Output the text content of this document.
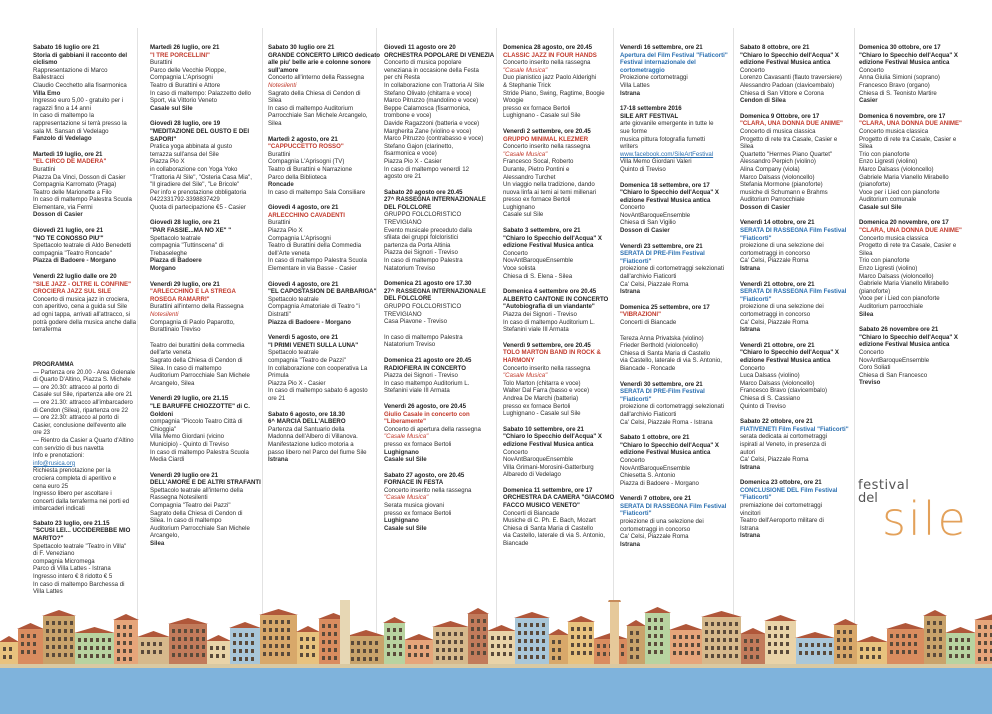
Sabato 16 luglio ore 21
Storia di gabbiani il racconto del ciclismo
Rappresentazione di Marco
Ballestracci
Claudio Cecchetto alla fisarmonica
Villa Emo
Ingresso euro 5,00 - gratuito per i
ragazzi fino a 14 anni
In caso di maltempo la
rappresentazione si terrà presso la
sala M. Sansan di Vedelago
Fanzolo di Vedelago
Martedì 19 luglio, ore 21
"EL CIRCO DE MADERA"
Burattini
Piazza Da Vinci, Dosson di Casier
Compagnia Karromato (Praga)
Teatro delle Marionette a Filo
In caso di maltempo Palestra Scuola
Elementare, via Fermi
Dosson di Casier
Giovedì 21 luglio, ore 21
"NO TE CONOSSO PIU'"
Spettacolo teatrale di Aldo Benedetti
compagnia "Teatro Roncade"
Piazza di Badoere - Morgano
Venerdì 22 luglio dalle ore 20
"SILE JAZZ - OLTRE IL CONFINE" CROCIERA JAZZ SUL SILE
Concerto di musica jazz in crociera,
con aperitivo, cena a guida sul Sile
ad ogni tappa, arrivati all'attracco, si
potrà godere della musica anche dalla
terraferma
Martedì 26 luglio, ore 21
"I TRE PORCELLINI"
Burattini
Parco delle Vecchie Pioppe,
Compagnia L'Aprisogni
Teatro di Burattini e Attore
In caso di maltempo: Palazzetto dello
Sport, via Vittorio Veneto
Casale sul Sile
Giovedì 28 luglio, ore 19
"MEDITAZIONE DEL GUSTO E DEI SAPORI"
Pratica yoga abbinata al gusto
terrazza sull'ansa del Sile
Piazza Pio X
in collaborazione con Yoga Yoko
"Trattoria Al Sile", "Osteria Casa Mia",
"Il giradiere del Sile", "Le Bricole"
Per info e prenotazione obbligatoria
0422331792-3398837429
Quota di partecipazione €5 - Casier
Giovedì 28 luglio, ore 21
"PAR FASSIE...MA NO XE" "
Spettacolo teatrale
compagnia "Tuttinscena" di
Trebaseleghe
Piazza di Badoere
Morgano
Venerdì 29 luglio, ore 21
"ARLECCHINO E LA STREGA ROSEGA RAMARRI"
Burattini all'interno della Rassegna
Notesilenti
Compagnia di Paolo Paparotto,
Burattinaio Treviso
Teatro dei burattini della commedia
dell'arte veneta
Sagrato della Chiesa di Cendon di
Silea. In caso di maltempo
Auditorium Parrocchiale San Michele
Arcangelo, Silea
Venerdì 29 luglio, ore 21.15
"LE BARUFFE CHIOZZOTTE" di C. Goldoni
compagnia "Piccolo Teatro Città di
Chioggia"
Villa Memo Giordani (vicino
Municipio) - Quinto di Treviso
In caso di maltempo Palestra Scuola
Media Ciardi
Venerdì 29 luglio ore 21
DELL'AMORE E DE ALTRI STRAFANTI
Spettacolo teatrale all'interno della
Rassegna Notesilenti
Compagnia "Teatro dei Pazzi"
Sagrato della Chiesa di Cendon di
Silea. In caso di maltempo
Auditorium Parrocchiale San Michele
Arcangelo,
Silea
Sabato 30 luglio ore 21
GRANDE CONCERTO LIRICO dedicato alle piu' belle arie e colonne sonore sull'amore
Concerto all'interno della Rassegna
Notesilenti
Sagrato della Chiesa di Cendon di
Silea
In caso di maltempo Auditorium
Parrocchiale San Michele Arcangelo,
Silea
Martedì 2 agosto, ore 21
"CAPPUCCETTO ROSSO"
Burattini
Compagnia L'Aprisogni (TV)
Teatro di Burattini e Narrazione
Parco della Biblioteca
Roncade
In caso di maltempo Sala Consiliare
Giovedì 4 agosto, ore 21
ARLECCHINO CAVADENTI
Burattini
Piazza Pio X
Compagnia L'Aprisogni
Teatro di Burattini della Commedia
dell'Arte veneta
In caso di maltempo Palestra Scuola
Elementare in via Basse - Casier
Giovedì 4 agosto, ore 21
"EL CAPOSTASION DE BARBARIGA"
Spettacolo teatrale
Compagnia Amatoriale di Teatro "i
Distratti"
Piazza di Badoere - Morgano
Venerdì 5 agosto, ore 21
"I PRIMI VENETI SULLA LUNA"
Spettacolo teatrale
compagnia "Teatro de Pazzi"
In collaborazione con cooperativa La
Primula
Piazza Pio X - Casier
In caso di maltempo sabato 6 agosto
ore 21
Sabato 6 agosto, ore 18.30
6^ MARCIA DELL'ALBERO
Partenza dal Santuario della
Madonna dell'Albero di Villanova.
Manifestazione ludico motoria a
passo libero nel Parco del fiume Sile
Istrana
Giovedì 11 agosto ore 20
ORCHESTRA POPOLARE DI VENEZIA
Concerto di musica popolare
veneziana in occasione della Festa
per chi Resta
In collaborazione con Trattoria Al Sile
Stefano Olivato (chitarra e voce)
Marco Pitruzzo (mandolino e voce)
Beppe Calamosca (fisarmonica,
trombone e voce)
Davide Ragazzoni (batteria e voce)
Margherita Zane (violino e voce)
Marco Pitruzzo (contrabasso e voce)
Stefano Gajon (clarinetto,
fisarmonica e voce)
Piazza Pio X - Casier
In caso di maltempo venerdì 12
agosto ore 21
Sabato 20 agosto ore 20.45
27^ RASSEGNA INTERNAZIONALE DEL FOLCLORE
GRUPPO FOLCLORISTICO
TREVIGIANO
Evento musicale preceduto dalla
sfilata dei gruppi folcloristici
partenza da Porta Altinia
Piazza dei Signori - Treviso
In caso di maltempo Palestra
Natatorium Treviso
Domenica 21 agosto ore 17.30
27^ RASSEGNA INTERNAZIONALE DEL FOLCLORE
GRUPPO FOLCLORISTICO
TREVIGIANO
Casa Piavone - Treviso
In caso di maltempo Palestra
Natatorium Treviso
Domenica 21 agosto ore 20.45
RADIOFIERA IN CONCERTO
Piazza dei Signori - Treviso
In caso maltempo Auditorium L.
Stefanini viale III Armata
Venerdì 26 agosto, ore 20.45
Giulio Casale in concerto con "Liberamente"
Concerto di apertura della rassegna
"Casale Musica"
presso ex fornace Bertoli
Lughignano
Casale sul Sile
Sabato 27 agosto, ore 20.45
FORNACE IN FESTA
Concerto inserito nella rassegna
"Casale Musica"
Serata musica giovani
presso ex fornace Bertoli
Lughignano
Casale sul Sile
Domenica 28 agosto, ore 20.45
CLASSIC JAZZ IN FOUR HANDS
Concerto inserito nella rassegna
"Casale Musica"
Duo pianistico jazz Paolo Alderighi
& Stephanie Trick
Stride Piano, Swing, Ragtime, Boogie
Woogie
presso ex fornace Bertoli
Lughignano - Casale sul Sile
Venerdì 2 settembre, ore 20.45
GRUPPO MINIMAL KLEZMER
Concerto inserito nella rassegna
"Casale Musica"
Francesco Socal, Roberto
Durante, Pietro Pontini e
Alessandro Turchet
Un viaggio nella tradizione, dando
nuova linfa ai temi ai temi millenari
presso ex fornace Bertoli
Lughignano
Casale sul Sile
Sabato 3 settembre, ore 21
"Chiaro lo Specchio dell'Acqua" X edizione Festival Musica antica
Concerto
NovAntBaroqueEnsemble
Voce solista
Chiesa di S. Elena - Silea
Domenica 4 settembre ore 20.45
ALBERTO CANTONE IN CONCERTO "Autobiografia di un viandante"
Piazza dei Signori - Treviso
In caso di maltempo Auditorium L.
Stefanini viale III Armata
Venerdì 9 settembre, ore 20.45
TOLO MARTON BAND IN ROCK & HARMONY
Concerto inserito nella rassegna
"Casale Musica"
Tolo Marton (chitarra e voce)
Walter Dal Farra (basso e voce)
Andrea De Marchi (batteria)
presso ex fornace Bertoli
Lughignano - Casale sul Sile
Sabato 10 settembre, ore 21
"Chiaro lo Specchio dell'Acqua" X edizione Festival Musica antica
Concerto
NovAntBaroqueEnsemble
Villa Grimani-Morosini-Gatterburg
Albaredo di Vedelago
Domenica 11 settembre, ore 17
ORCHESTRA DA CAMERA "GIACOMO FACCO MUSICO VENETO"
Concerti di Biancade
Musiche di C. Ph. E. Bach, Mozart
Chiesa di Santa Maria di Castello
via Castello, laterale di via S. Antonio,
Biancade
Venerdì 16 settembre, ore 21
Apertura del Film Festival "Fiaticorti" Festival internazionale del cortometraggio
Proiezione cortometraggi
Villa Lattes
Istrana
17-18 settembre 2016
SILE ART FESTIVAL
arte giovanile emergente in tutte le
sue forme
musica pittura fotografia fumetti
writers
www.facebook.com/SileArtFestival
Villa Memo Giordani Valeri
Quinto di Treviso
Domenica 18 settembre, ore 17
"Chiaro lo Specchio dell'Acqua" X edizione Festival Musica antica
Concerto
NovAntBaroqueEnsemble
Chiesa di San Vigilio
Dosson di Casier
Venerdì 23 settembre, ore 21
SERATA DI PRE-Film Festival "Fiaticorti"
proiezione di cortometraggi selezionati
dall'archivio Fiaticorti
Ca' Celsi, Piazzale Roma
Istrana
Domenica 25 settembre, ore 17
"VIBRAZIONI"
Concerti di Biancade
Tereza Anna Privatska (violino)
Frieder Berthold (violoncello)
Chiesa di Santa Maria di Castello
via Castello, laterale di via S. Antonio,
Biancade - Roncade
Venerdì 30 settembre, ore 21
SERATA DI PRE-Film Festival "Fiaticorti"
proiezione di cortometraggi selezionati
dall'archivio Fiaticorti
Ca' Celsi, Piazzale Roma - Istrana
Sabato 1 ottobre, ore 21
"Chiaro lo Specchio dell'Acqua" X edizione Festival Musica antica
Concerto
NovAntBaroqueEnsemble
Chiesetta S. Antonio
Piazza di Badoere - Morgano
Venerdì 7 ottobre, ore 21
SERATA DI RASSEGNA Film Festival "Fiaticorti"
proiezione di una selezione dei
cortometraggi in concorso
Ca' Celsi, Piazzale Roma
Istrana
Sabato 8 ottobre, ore 21
"Chiaro lo Specchio dell'Acqua" X edizione Festival Musica antica
Concerto
Lorenzo Cavasanti (flauto traversiere)
Alessandro Padoan (clavicembalo)
Chiesa di San Vittore e Corona
Cendon di Silea
Domenica 9 Ottobre, ore 17
"CLARA, UNA DONNA DUE ANIME"
Concerto di musica classica
Progetto di rete tra Casale, Casier e
Silea
Quartetto "Hermes Piano Quartet"
Alessandro Perpich (violino)
Alina Company (viola)
Marco Dalsass (violoncello)
Stefania Mormone (pianoforte)
musiche di Schumann e Brahms
Auditorium Parrocchiale
Dosson di Casier
Venerdì 14 ottobre, ore 21
SERATA DI RASSEGNA Film Festival "Fiaticorti"
proiezione di una selezione dei
cortometraggi in concorso
Ca' Celsi, Piazzale Roma
Istrana
Venerdì 21 ottobre, ore 21
SERATA DI RASSEGNA Film Festival "Fiaticorti"
proiezione di una selezione dei
cortometraggi in concorso
Ca' Celsi, Piazzale Roma
Istrana
Venerdì 21 ottobre, ore 21
"Chiaro lo Specchio dell'Acqua" X edizione Festival Musica antica
Concerto
Luca Dalsass (violino)
Marco Dalsass (violoncello)
Francesco Bravo (clavicembalo)
Chiesa di S. Cassiano
Quinto di Treviso
Sabato 22 ottobre, ore 21
FIATIVENETI Film Festival "Fiaticorti"
serata dedicata ai cortometraggi
ispirati al Veneto, in presenza di
autori
Ca' Celsi, Piazzale Roma
Istrana
Domenica 23 ottobre, ore 21
CONCLUSIONE DEL Film Festival "Fiaticorti"
premiazione dei cortometraggi
vincitori
Teatro dell'Aeroporto militare di
Istrana
Istrana
Domenica 30 ottobre, ore 17
"Chiaro lo Specchio dell'Acqua" X edizione Festival Musica antica
Concerto
Anna Giulia Simioni (soprano)
Francesco Bravo (organo)
Chiesa di S. Teonisto Martire
Casier
Domenica 6 novembre, ore 17
"CLARA, UNA DONNA DUE ANIME"
Concerto musica classica
Progetto di rete tra Casale, Casier e
Silea
Trio con pianoforte
Enzo Ligresti (violino)
Marco Dalsass (violoncello)
Gabriele Maria Vianello Mirabello
(pianoforte)
Voce per i Lied con pianoforte
Auditorium comunale
Casale sul Sile
Domenica 20 novembre, ore 17
"CLARA, UNA DONNA DUE ANIME"
Concerto musica classica
Progetto di rete tra Casale, Casier e
Silea
Trio con pianoforte
Enzo Ligresti (violino)
Marco Dalsass (violoncello)
Gabriele Maria Vianello Mirabello
(pianoforte)
Voce per i Lied con pianoforte
Auditorium parrocchiale
Silea
Sabato 26 novembre ore 21
"Chiaro lo Specchio dell'Acqua" X edizione Festival Musica antica
Concerto
NovAntBaroqueEnsemble
Coro Soliati
Chiesa di San Francesco
Treviso
PROGRAMMA
— Partenza ore 20.00 - Area Golenale
di Quarto D'Altino, Piazza S. Michele
— ore 20.30: attracco al porto di
Casale sul Sile, ripartenza alle ore 21
— ore 21.30: attracco all'imbarcadero
di Cendon (Silea), ripartenza ore 22
— ore 22.30: attracco al porto di
Casier, conclusione dell'evento alle
ore 23
— Rientro da Casier a Quarto d'Altino
con servizio di bus navetta
Info e prenotazioni:
info@rusica.org
Richiesta prenotazione per la
crociera completa di aperitivo e
cena euro 25
Ingresso libero per ascoltare i
concerti dalla terraferma nei porti ed
imbarcaderi indicati
Sabato 23 luglio, ore 21.15
"SCUSI LEI... UCCIDEREBBE MIO MARITO?"
Spettacolo teatrale "Teatro in Villa"
di F. Veneziano
compagnia Micromega
Parco di Villa Lattes - Istrana
Ingresso intero € 8 ridotto € 5
In caso di maltempo Barchessa di
Villa Lattes
festival
del sile
